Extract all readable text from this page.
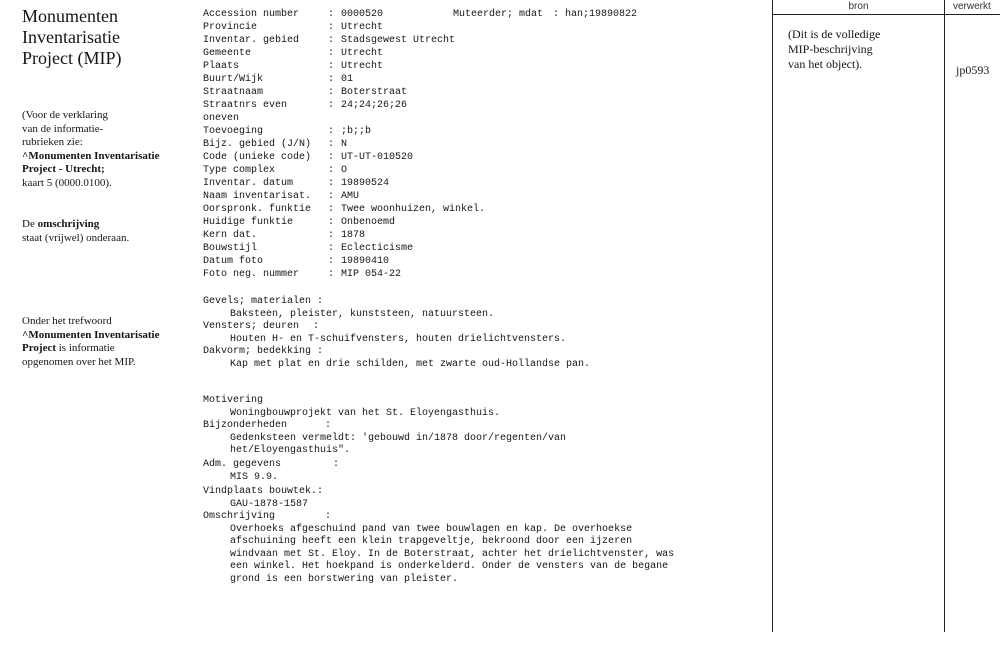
Monumenten
Inventarisatie
Project (MIP)
(Voor de verklaring
van de informatie-
rubrieken zie:
^Monumenten Inventarisatie
Project - Utrecht;
kaart 5 (0000.0100).
De omschrijving
staat (vrijwel) onderaan.
Onder het trefwoord
^Monumenten Inventarisatie
Project is informatie
opgenomen over het MIP.
Accession number	: 0000520	Muteerder; mdat : han;19890822
Provincie	: Utrecht
Inventar. gebied	: Stadsgewest Utrecht
Gemeente	: Utrecht
Plaats	: Utrecht
Buurt/Wijk	: 01
Straatnaam	: Boterstraat
Straatnrs even	: 24;24;26;26
oneven
Toevoeging	: ;b;;b
Bijz. gebied (J/N) : N
Code (unieke code) : UT-UT-010520
Type complex	: O
Inventar. datum	: 19890524
Naam inventarisat. : AMU
Oorspronk. funktie : Twee woonhuizen, winkel.
Huidige funktie	: Onbenoemd
Kern dat.	: 1878
Bouwstijl	: Eclecticisme
Datum foto	: 19890410
Foto neg. nummer	: MIP 054-22
Gevels; materialen :
Baksteen, pleister, kunststeen, natuursteen.
Vensters; deuren :
Houten H- en T-schuifvensters, houten drielichtvensters.
Dakvorm; bedekking :
Kap met plat en drie schilden, met zwarte oud-Hollandse pan.
Motivering
Woningbouwprojekt van het St. Eloyengasthuis.
Bijzonderheden	:
Gedenksteen vermeldt: 'gebouwd in/1878 door/regenten/van
het/Eloyengasthuis".
Adm. gegevens	:
MIS 9.9.
Vindplaats bouwtek.:
GAU-1878-1587
Omschrijving	:
Overhoeks afgeschuind pand van twee bouwlagen en kap. De overhoekse
afschuining heeft een klein trapgeveltje, bekroond door een ijzeren
windvaan met St. Eloy. In de Boterstraat, achter het drielichtvenster, was
een winkel. Het hoekpand is onderkelderd. Onder de vensters van de begane
grond is een borstwering van pleister.
bron	verwerkt
(Dit is de volledige
MIP-beschrijving
van het object).	jp0593
